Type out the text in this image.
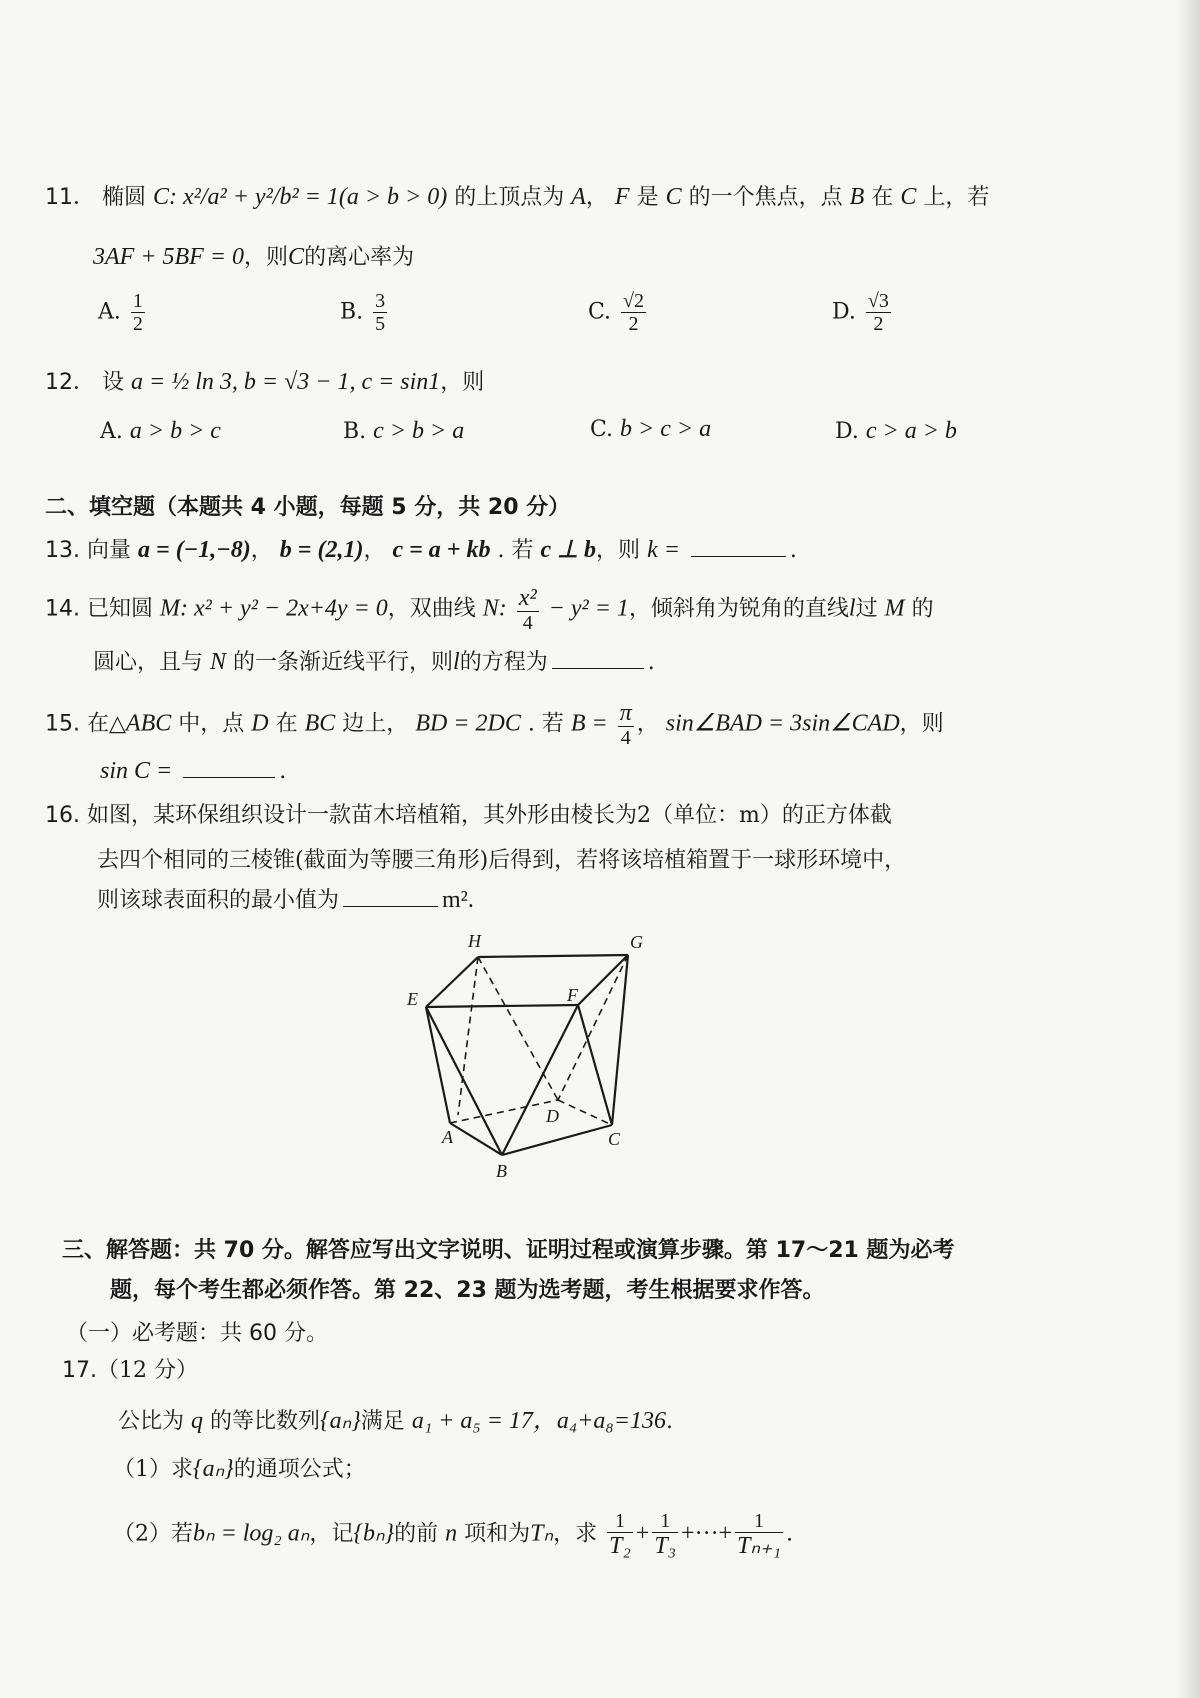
11． 椭圆 C: x²/a² + y²/b² = 1(a > b > 0) 的上顶点为 A， F 是 C 的一个焦点，点 B 在 C 上，若
3AF + 5BF = 0，则C的离心率为
A. $\frac{1}{2}$	B. $\frac{3}{5}$	C. $\frac{√2}{2}$	D. $\frac{√3}{2}$
12． 设 a = ½ ln 3, b = √3 − 1, c = sin1，则
A. a > b > c	B. c > b > a	C. b > c > a	D. c > a > b
二、填空题（本题共 4 小题，每题 5 分，共 20 分）
13. 向量 a = (−1,−8)， b = (2,1)， c = a + kb . 若 c ⊥ b，则 k =	.
14. 已知圆 M: x² + y² − 2x+4y = 0，双曲线 N: $\frac{\text{x²}}{4} - y^2 = 1$，倾斜角为锐角的直线l过 M 的
圆心，且与 N 的一条渐近线平行，则l的方程为	.
15. 在△ABC 中，点 D 在 BC 边上， BD = 2DC . 若 $B = \frac{\pi}{4}$ ， sin∠BAD = 3sin∠CAD，则
sin C =	.
16. 如图，某环保组织设计一款苗木培植箱，其外形由棱长为2（单位：m）的正方体截
去四个相同的三棱锥(截面为等腰三角形)后得到，若将该培植箱置于一球形环境中，
则该球表面积的最小值为	m².
H	G
E	F
A
B
C
D
三、解答题：共 70 分。解答应写出文字说明、证明过程或演算步骤。第 17～21 题为必考
题，每个考生都必须作答。第 22、23 题为选考题，考生根据要求作答。
（一）必考题：共 60 分。
17.（12 分）
公比为 q 的等比数列{aₙ}满足 a₁ + a₅ = 17，a₄+a₈=136.
（1）求{aₙ}的通项公式；
（2）若bₙ = log₂ aₙ，记{bₙ}的前 n 项和为Tₙ，求 $\frac{1}{\text{T₂}} + \frac{1}{\text{T₃}}$ +···+ $\frac{1}{\text{Tₙ₊₁}}$ .
